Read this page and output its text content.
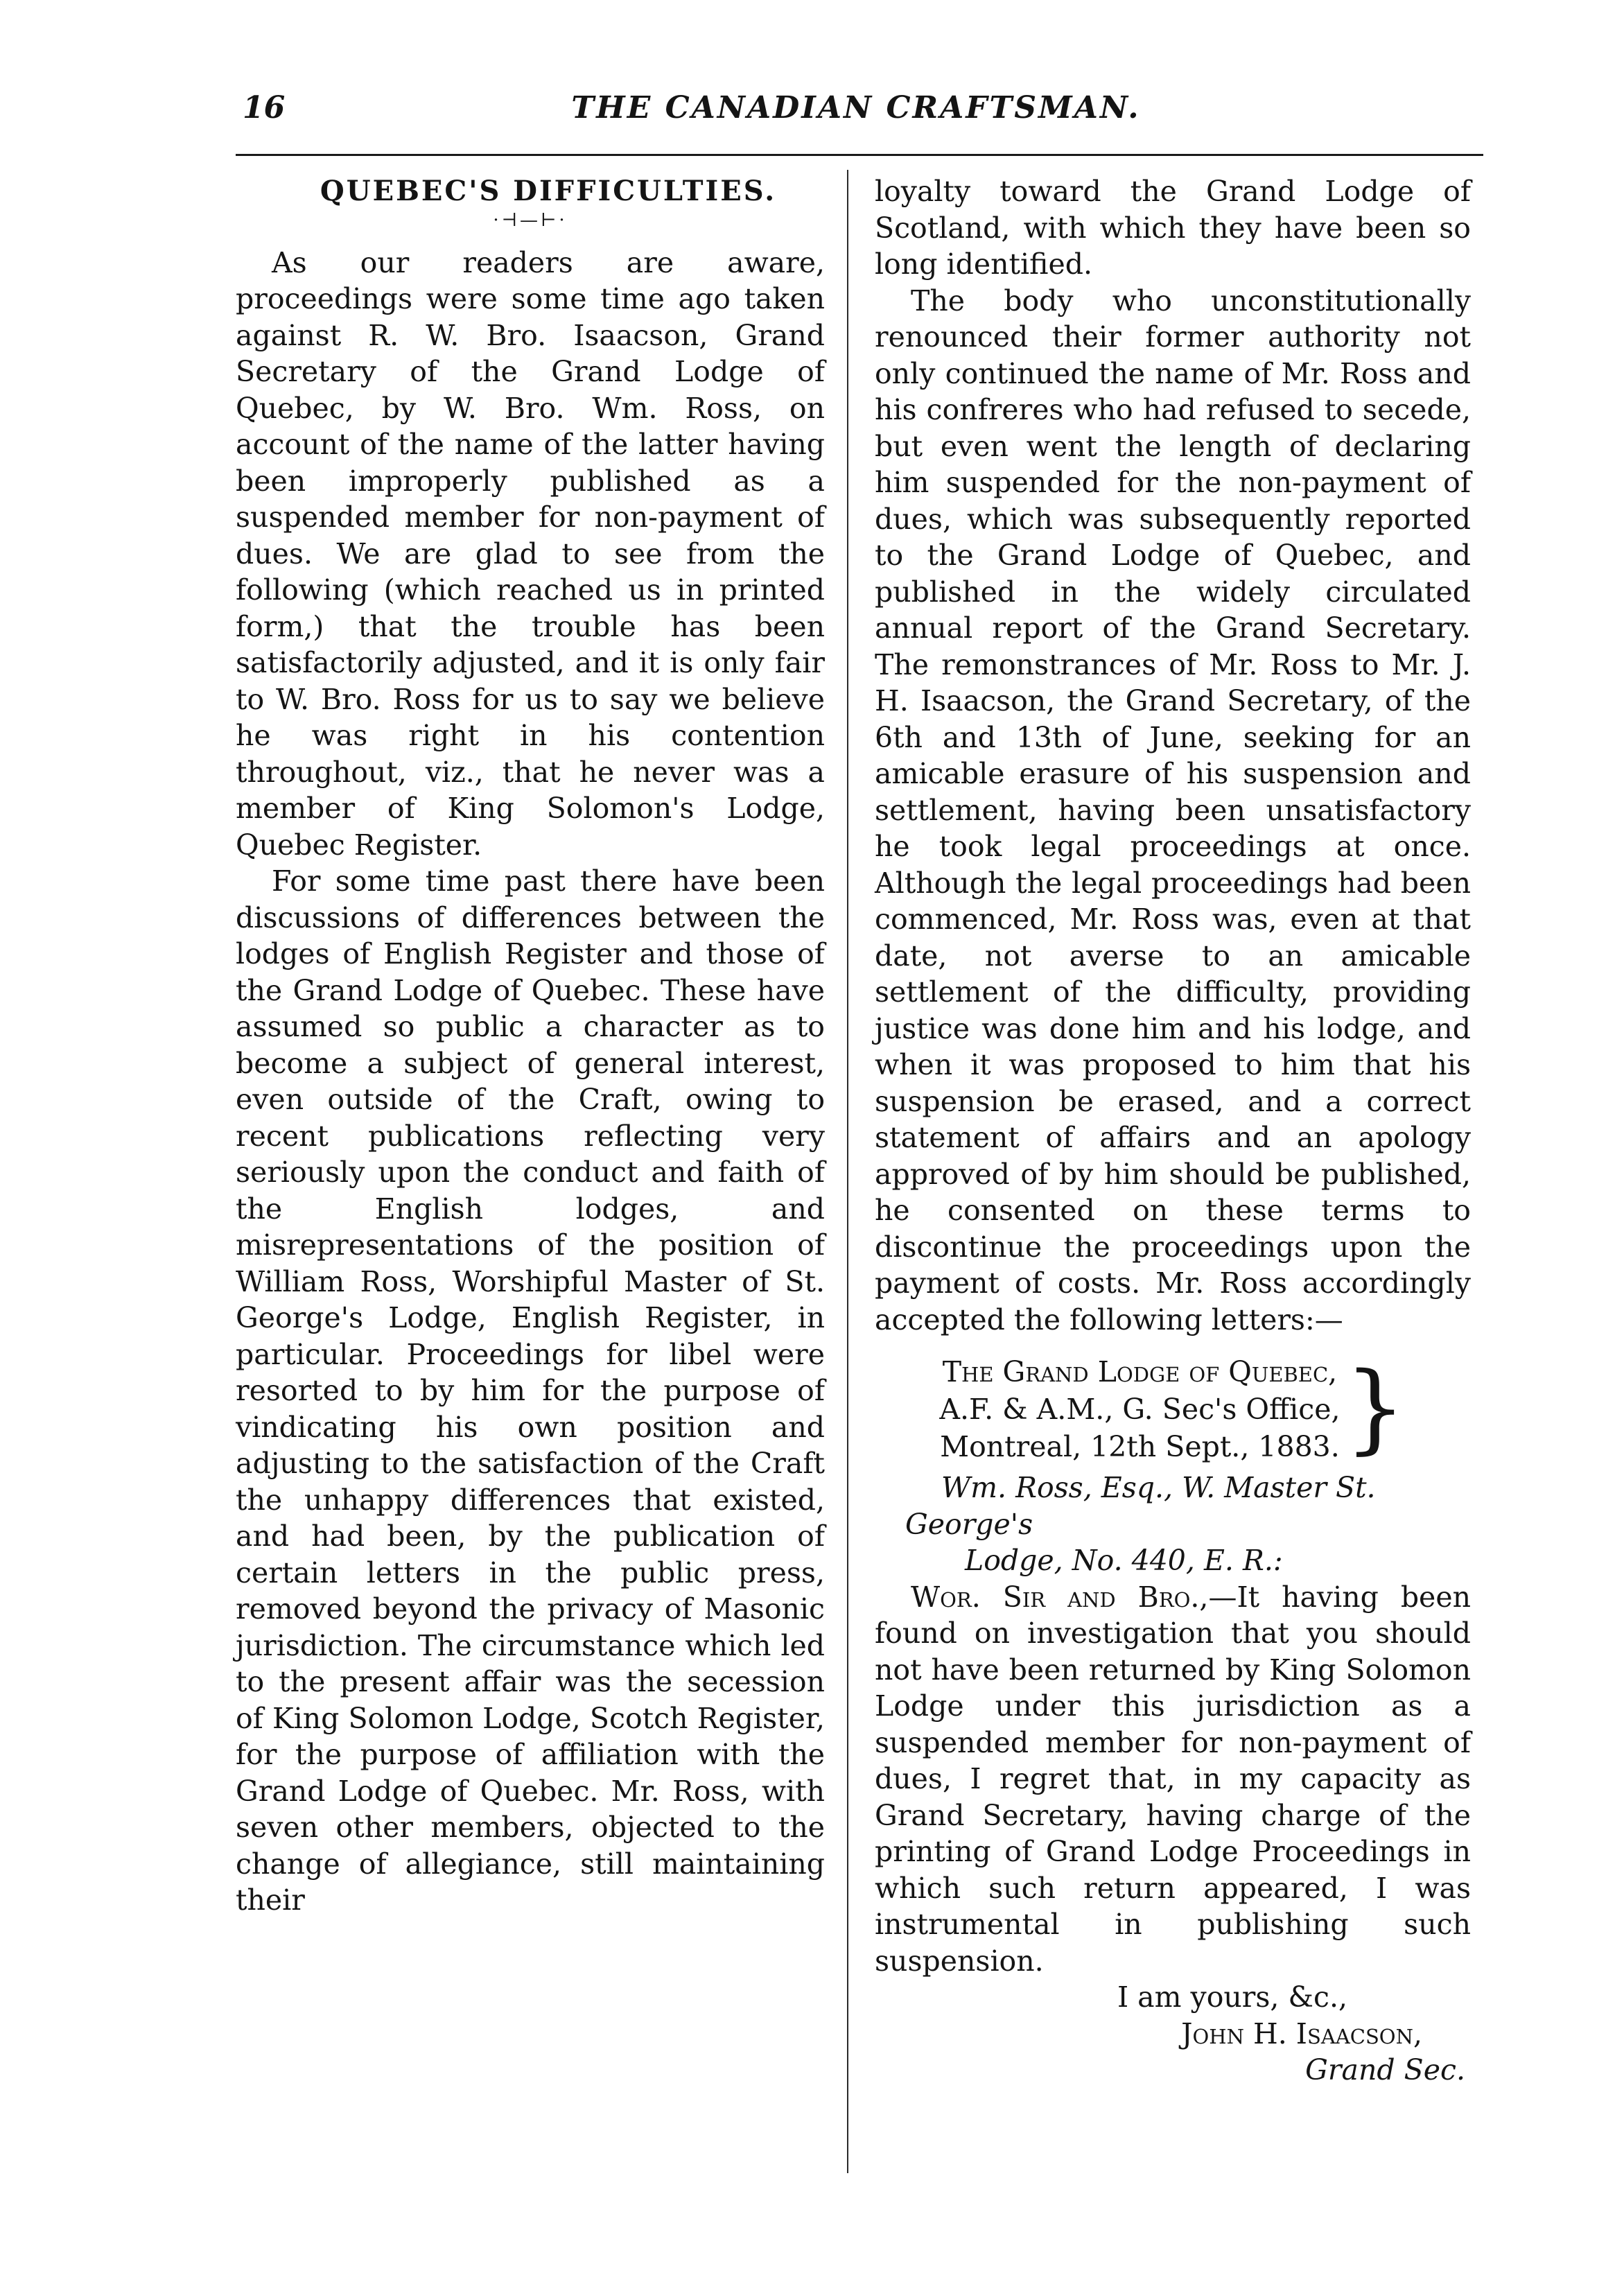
16	THE CANADIAN CRAFTSMAN.

QUEBEC'S DIFFICULTIES.

·⊣—⊢·

As our readers are aware, proceedings were some time ago taken against R. W. Bro. Isaacson, Grand Secretary of the Grand Lodge of Quebec, by W. Bro. Wm. Ross, on account of the name of the latter having been improperly published as a suspended member for non-payment of dues. We are glad to see from the following (which reached us in printed form,) that the trouble has been satisfactorily adjusted, and it is only fair to W. Bro. Ross for us to say we believe he was right in his contention throughout, viz., that he never was a member of King Solomon's Lodge, Quebec Register.

For some time past there have been discussions of differences between the lodges of English Register and those of the Grand Lodge of Quebec. These have assumed so public a character as to become a subject of general interest, even outside of the Craft, owing to recent publications reflecting very seriously upon the conduct and faith of the English lodges, and misrepresentations of the position of William Ross, Worshipful Master of St. George's Lodge, English Register, in particular. Proceedings for libel were resorted to by him for the purpose of vindicating his own position and adjusting to the satisfaction of the Craft the unhappy differences that existed, and had been, by the publication of certain letters in the public press, removed beyond the privacy of Masonic jurisdiction. The circumstance which led to the present affair was the secession of King Solomon Lodge, Scotch Register, for the purpose of affiliation with the Grand Lodge of Quebec. Mr. Ross, with seven other members, objected to the change of allegiance, still maintaining their

loyalty toward the Grand Lodge of Scotland, with which they have been so long identified.

The body who unconstitutionally renounced their former authority not only continued the name of Mr. Ross and his confreres who had refused to secede, but even went the length of declaring him suspended for the non-payment of dues, which was subsequently reported to the Grand Lodge of Quebec, and published in the widely circulated annual report of the Grand Secretary. The remonstrances of Mr. Ross to Mr. J. H. Isaacson, the Grand Secretary, of the 6th and 13th of June, seeking for an amicable erasure of his suspension and settlement, having been unsatisfactory he took legal proceedings at once. Although the legal proceedings had been commenced, Mr. Ross was, even at that date, not averse to an amicable settlement of the difficulty, providing justice was done him and his lodge, and when it was proposed to him that his suspension be erased, and a correct statement of affairs and an apology approved of by him should be published, he consented on these terms to discontinue the proceedings upon the payment of costs. Mr. Ross accordingly accepted the following letters:—

The Grand Lodge of Quebec,
A.F. & A.M., G. Sec's Office,
Montreal, 12th Sept., 1883. }

Wm. Ross, Esq., W. Master St. George's
Lodge, No. 440, E. R.:

Wor. Sir and Bro.,—It having been found on investigation that you should not have been returned by King Solomon Lodge under this jurisdiction as a suspended member for non-payment of dues, I regret that, in my capacity as Grand Secretary, having charge of the printing of Grand Lodge Proceedings in which such return appeared, I was instrumental in publishing such suspension.

I am yours, &c.,

John H. Isaacson,

Grand Sec.
